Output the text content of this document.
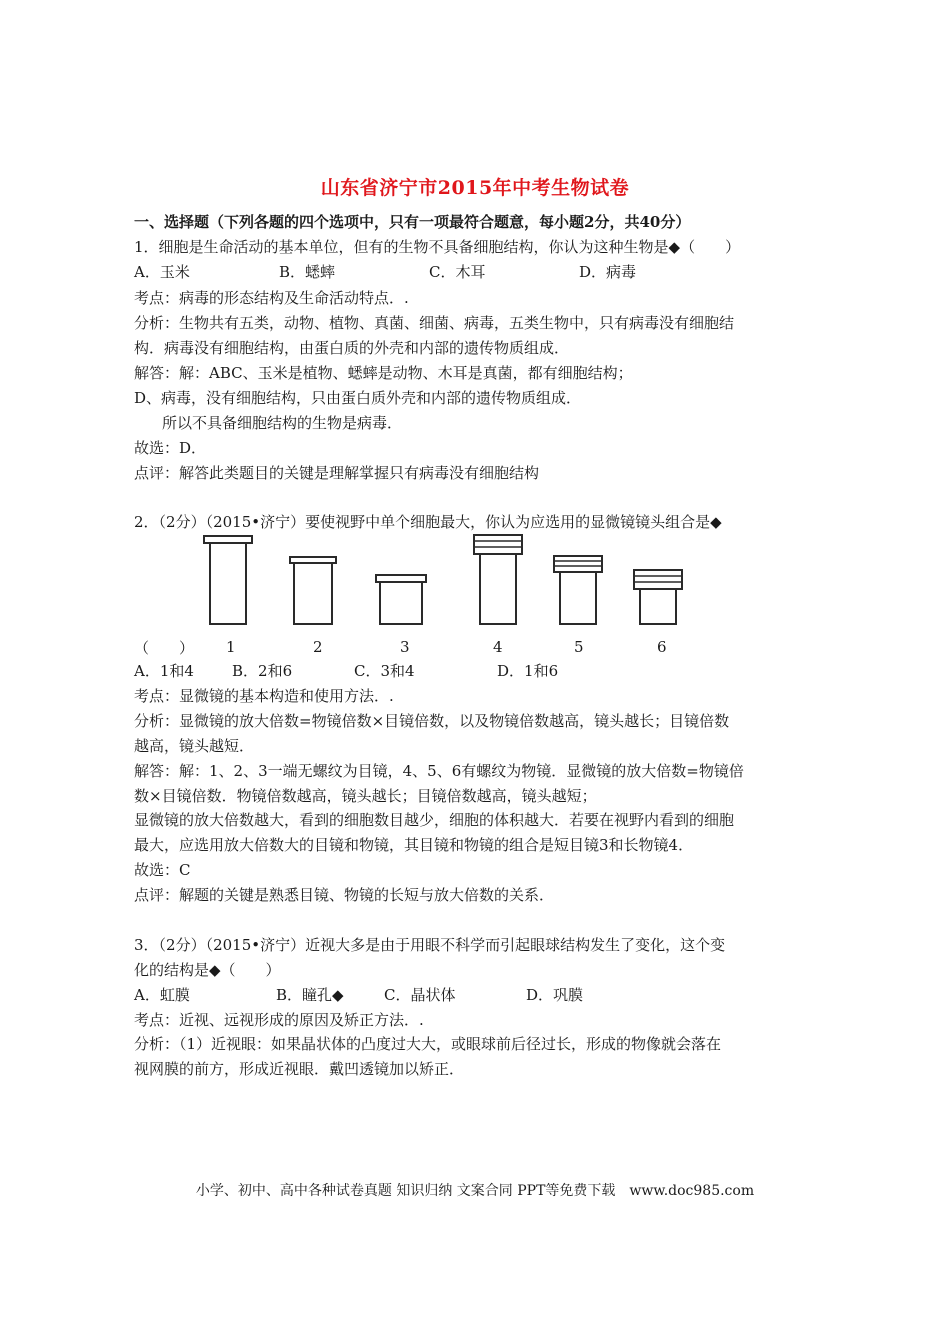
山东省济宁市2015年中考生物试卷
一、选择题（下列各题的四个选项中，只有一项最符合题意，每小题2分，共40分）
1．细胞是生命活动的基本单位，但有的生物不具备细胞结构，你认为这种生物是◆（　　）
A．玉米	B．蟋蟀	C．木耳	D．病毒
考点：病毒的形态结构及生命活动特点．.
分析：生物共有五类，动物、植物、真菌、细菌、病毒，五类生物中，只有病毒没有细胞结
构．病毒没有细胞结构，由蛋白质的外壳和内部的遗传物质组成．
解答：解：ABC、玉米是植物、蟋蟀是动物、木耳是真菌，都有细胞结构；
D、病毒，没有细胞结构，只由蛋白质外壳和内部的遗传物质组成．
所以不具备细胞结构的生物是病毒．
故选：D．
点评：解答此类题目的关键是理解掌握只有病毒没有细胞结构
2．（2分）（2015•济宁）要使视野中单个细胞最大，你认为应选用的显微镜镜头组合是◆
（　　） 1	2	3	4	5	6
A．1和4	B．2和6	C．3和4	D．1和6
考点：显微镜的基本构造和使用方法．.
分析：显微镜的放大倍数=物镜倍数×目镜倍数，以及物镜倍数越高，镜头越长；目镜倍数
越高，镜头越短．
解答：解：1、2、3一端无螺纹为目镜，4、5、6有螺纹为物镜．显微镜的放大倍数=物镜倍
数×目镜倍数．物镜倍数越高，镜头越长；目镜倍数越高，镜头越短；
显微镜的放大倍数越大，看到的细胞数目越少，细胞的体积越大．若要在视野内看到的细胞
最大，应选用放大倍数大的目镜和物镜，其目镜和物镜的组合是短目镜3和长物镜4．
故选：C
点评：解题的关键是熟悉目镜、物镜的长短与放大倍数的关系．
3．（2分）（2015•济宁）近视大多是由于用眼不科学而引起眼球结构发生了变化，这个变
化的结构是◆（　　）
A．虹膜	B．瞳孔◆	C．晶状体	D．巩膜
考点：近视、远视形成的原因及矫正方法．.
分析：（1）近视眼：如果晶状体的凸度过大大，或眼球前后径过长，形成的物像就会落在
视网膜的前方，形成近视眼．戴凹透镜加以矫正．
小学、初中、高中各种试卷真题 知识归纳 文案合同 PPT等免费下载　www.doc985.com
